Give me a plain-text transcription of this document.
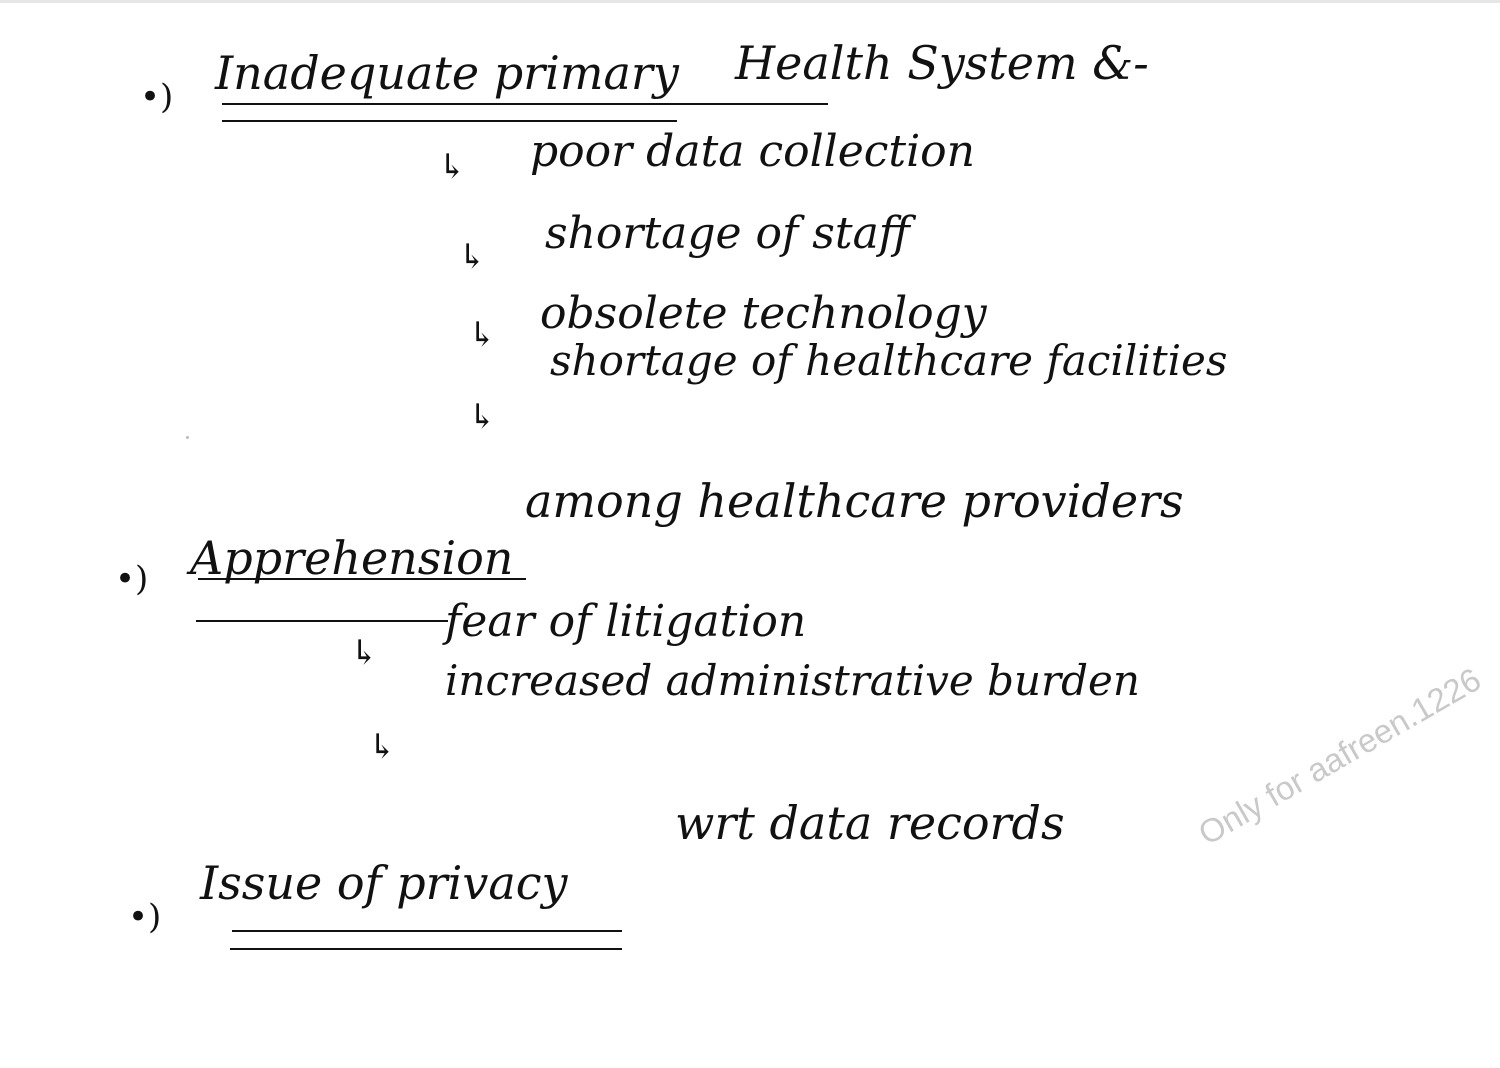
•) Inadequate primary Health System &-
↳ poor data collection
↳ shortage of staff
↳ obsolete technology
↳
shortage of healthcare facilities
•) Apprehension
among healthcare providers
↳
fear of litigation
↳
increased administrative burden
•)
Issue of privacy
wrt data records	Only for aafreen.1226
